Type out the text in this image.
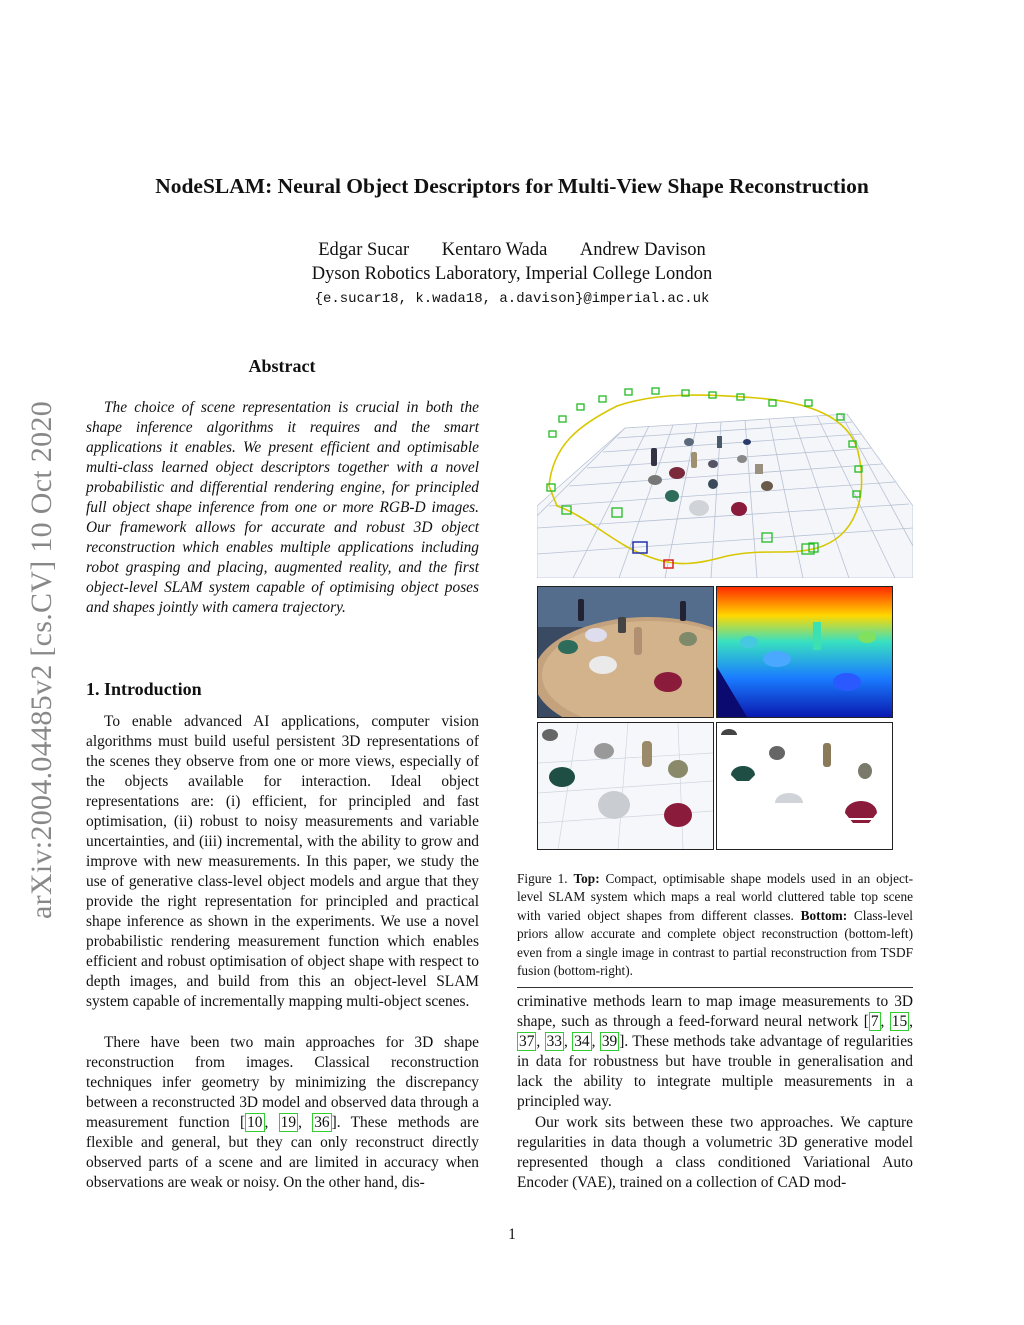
NodeSLAM: Neural Object Descriptors for Multi-View Shape Reconstruction
Edgar Sucar Kentaro Wada Andrew Davison
Dyson Robotics Laboratory, Imperial College London
{e.sucar18, k.wada18, a.davison}@imperial.ac.uk
arXiv:2004.04485v2 [cs.CV] 10 Oct 2020
Abstract
The choice of scene representation is crucial in both the shape inference algorithms it requires and the smart applications it enables. We present efficient and optimisable multi-class learned object descriptors together with a novel probabilistic and differential rendering engine, for principled full object shape inference from one or more RGB-D images. Our framework allows for accurate and robust 3D object reconstruction which enables multiple applications including robot grasping and placing, augmented reality, and the first object-level SLAM system capable of optimising object poses and shapes jointly with camera trajectory.
1. Introduction
To enable advanced AI applications, computer vision algorithms must build useful persistent 3D representations of the scenes they observe from one or more views, especially of the objects available for interaction. Ideal object representations are: (i) efficient, for principled and fast optimisation, (ii) robust to noisy measurements and variable uncertainties, and (iii) incremental, with the ability to grow and improve with new measurements. In this paper, we study the use of generative class-level object models and argue that they provide the right representation for principled and practical shape inference as shown in the experiments. We use a novel probabilistic rendering measurement function which enables efficient and robust optimisation of object shape with respect to depth images, and build from this an object-level SLAM system capable of incrementally mapping multi-object scenes.
There have been two main approaches for 3D shape reconstruction from images. Classical reconstruction techniques infer geometry by minimizing the discrepancy between a reconstructed 3D model and observed data through a measurement function [ 10 , 19 , 36 ]. These methods are flexible and general, but they can only reconstruct directly observed parts of a scene and are limited in accuracy when observations are weak or noisy. On the other hand, dis-
Figure 1. Top: Compact, optimisable shape models used in an object-level SLAM system which maps a real world cluttered table top scene with varied object shapes from different classes. Bottom: Class-level priors allow accurate and complete object reconstruction (bottom-left) even from a single image in contrast to partial reconstruction from TSDF fusion (bottom-right).
criminative methods learn to map image measurements to 3D shape, such as through a feed-forward neural network [ 7 , 15 , 37 , 33 , 34 , 39 ]. These methods take advantage of regularities in data for robustness but have trouble in generalisation and lack the ability to integrate multiple measurements in a principled way.
Our work sits between these two approaches. We capture regularities in data though a volumetric 3D generative model represented though a class conditioned Variational Auto Encoder (VAE), trained on a collection of CAD mod-
1
